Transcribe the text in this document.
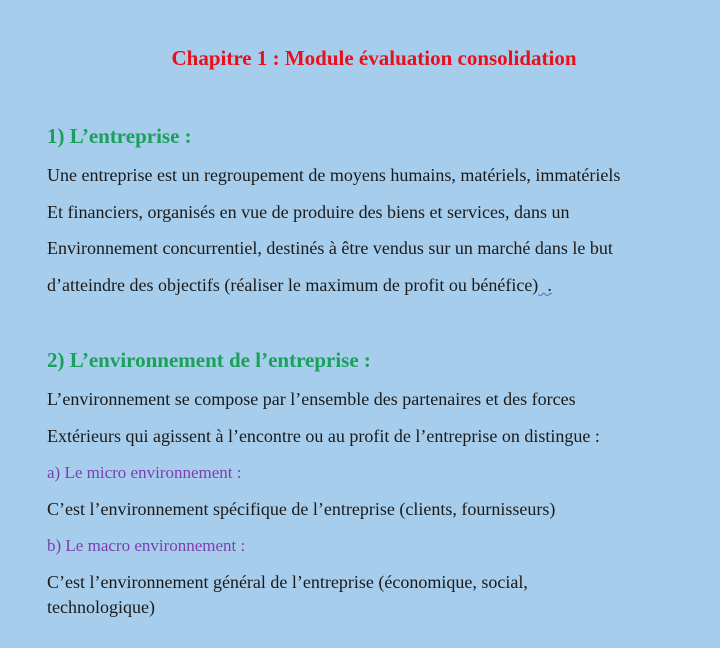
Chapitre 1 : Module évaluation consolidation
1) L’entreprise :
Une entreprise est un regroupement de moyens humains, matériels, immatériels
Et financiers, organisés en vue de produire des biens et services, dans un
Environnement concurrentiel, destinés à être vendus sur un marché dans le but
d’atteindre des objectifs (réaliser le maximum de profit ou bénéfice)  .
2) L’environnement de l’entreprise :
L’environnement se compose par l’ensemble des partenaires et des forces
Extérieurs qui agissent à l’encontre ou au profit de l’entreprise on distingue :
a) Le micro environnement :
C’est l’environnement spécifique de l’entreprise (clients, fournisseurs)
b) Le macro environnement :
C’est l’environnement général de l’entreprise (économique, social,
technologique)
